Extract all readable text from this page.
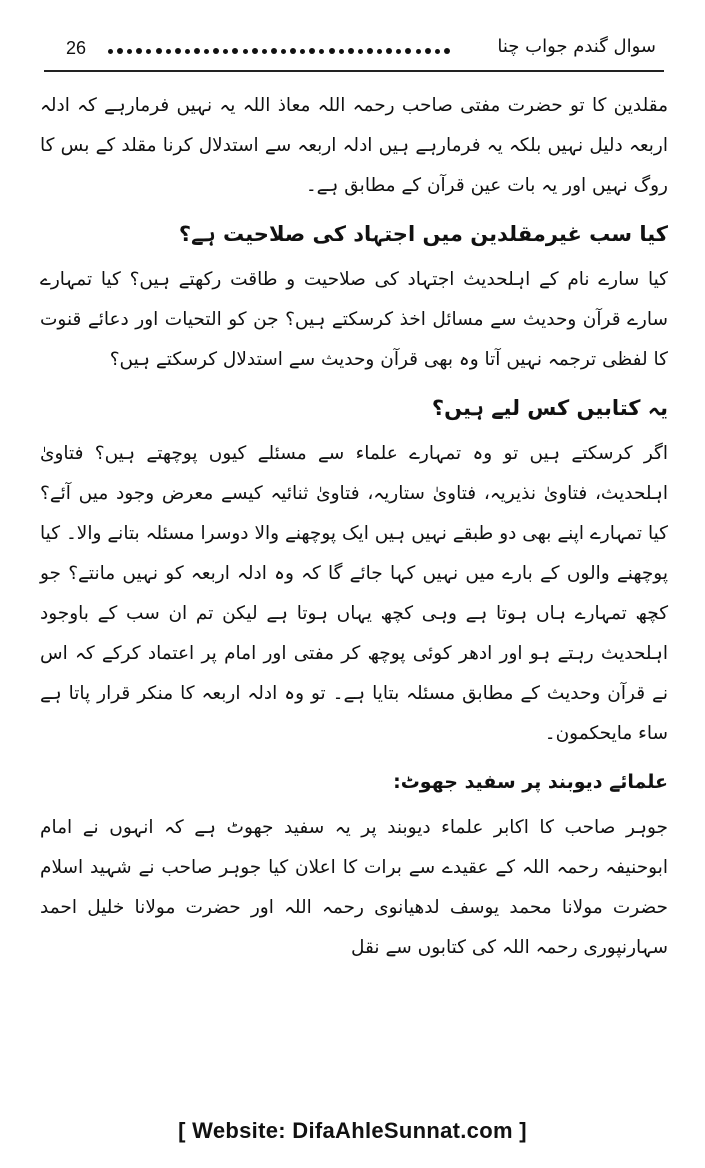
26	سوال گندم جواب چنا

مقلدین کا تو حضرت مفتی صاحب رحمہ اللہ معاذ اللہ یہ نہیں فرمارہے کہ ادلہ اربعہ دلیل نہیں بلکہ یہ فرمارہے ہیں ادلہ اربعہ سے استدلال کرنا مقلد کے بس کا روگ نہیں اور یہ بات عین قرآن کے مطابق ہے۔

کیا سب غیرمقلدین میں اجتہاد کی صلاحیت ہے؟

کیا سارے نام کے اہلحدیث اجتہاد کی صلاحیت و طاقت رکھتے ہیں؟ کیا تمہارے سارے قرآن وحدیث سے مسائل اخذ کرسکتے ہیں؟ جن کو التحیات اور دعائے قنوت کا لفظی ترجمہ نہیں آتا وہ بھی قرآن وحدیث سے استدلال کرسکتے ہیں؟

یہ کتابیں کس لیے ہیں؟

اگر کرسکتے ہیں تو وہ تمہارے علماء سے مسئلے کیوں پوچھتے ہیں؟ فتاویٰ اہلحدیث، فتاویٰ نذیریہ، فتاویٰ ستاریہ، فتاویٰ ثنائیہ کیسے معرض وجود میں آئے؟ کیا تمہارے اپنے بھی دو طبقے نہیں ہیں ایک پوچھنے والا دوسرا مسئلہ بتانے والا۔ کیا پوچھنے والوں کے بارے میں نہیں کہا جائے گا کہ وہ ادلہ اربعہ کو نہیں مانتے؟ جو کچھ تمہارے ہاں ہوتا ہے وہی کچھ یہاں ہوتا ہے لیکن تم ان سب کے باوجود اہلحدیث رہتے ہو اور ادھر کوئی پوچھ کر مفتی اور امام پر اعتماد کرکے کہ اس نے قرآن وحدیث کے مطابق مسئلہ بتایا ہے۔ تو وہ ادلہ اربعہ کا منکر قرار پاتا ہے ساء مایحکمون۔

علمائے دیوبند پر سفید جھوٹ:

جوہر صاحب کا اکابر علماء دیوبند پر یہ سفید جھوٹ ہے کہ انہوں نے امام ابوحنیفہ رحمہ اللہ کے عقیدے سے برات کا اعلان کیا جوہر صاحب نے شہید اسلام حضرت مولانا محمد یوسف لدھیانوی رحمہ اللہ اور حضرت مولانا خلیل احمد سہارنپوری رحمہ اللہ کی کتابوں سے نقل

[ Website: DifaAhleSunnat.com ]
